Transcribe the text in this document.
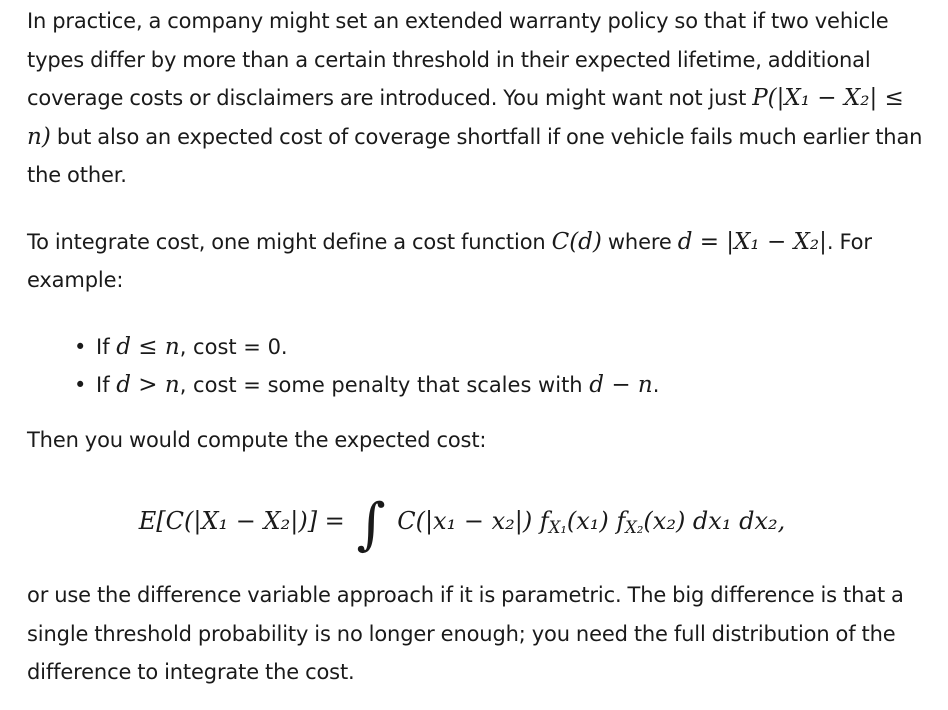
In practice, a company might set an extended warranty policy so that if two vehicle types differ by more than a certain threshold in their expected lifetime, additional coverage costs or disclaimers are introduced. You might want not just P(|X₁ − X₂| ≤ n) but also an expected cost of coverage shortfall if one vehicle fails much earlier than the other.

To integrate cost, one might define a cost function C(d) where d = |X₁ − X₂|. For example:

• If d ≤ n, cost = 0.
• If d > n, cost = some penalty that scales with d − n.

Then you would compute the expected cost:

E[C(|X₁ − X₂|)] = ∫ C(|x₁ − x₂|) $f_{X_1}(x_1)$ $f_{X_2}(x_2)$ dx₁ dx₂,

or use the difference variable approach if it is parametric. The big difference is that a single threshold probability is no longer enough; you need the full distribution of the difference to integrate the cost.
